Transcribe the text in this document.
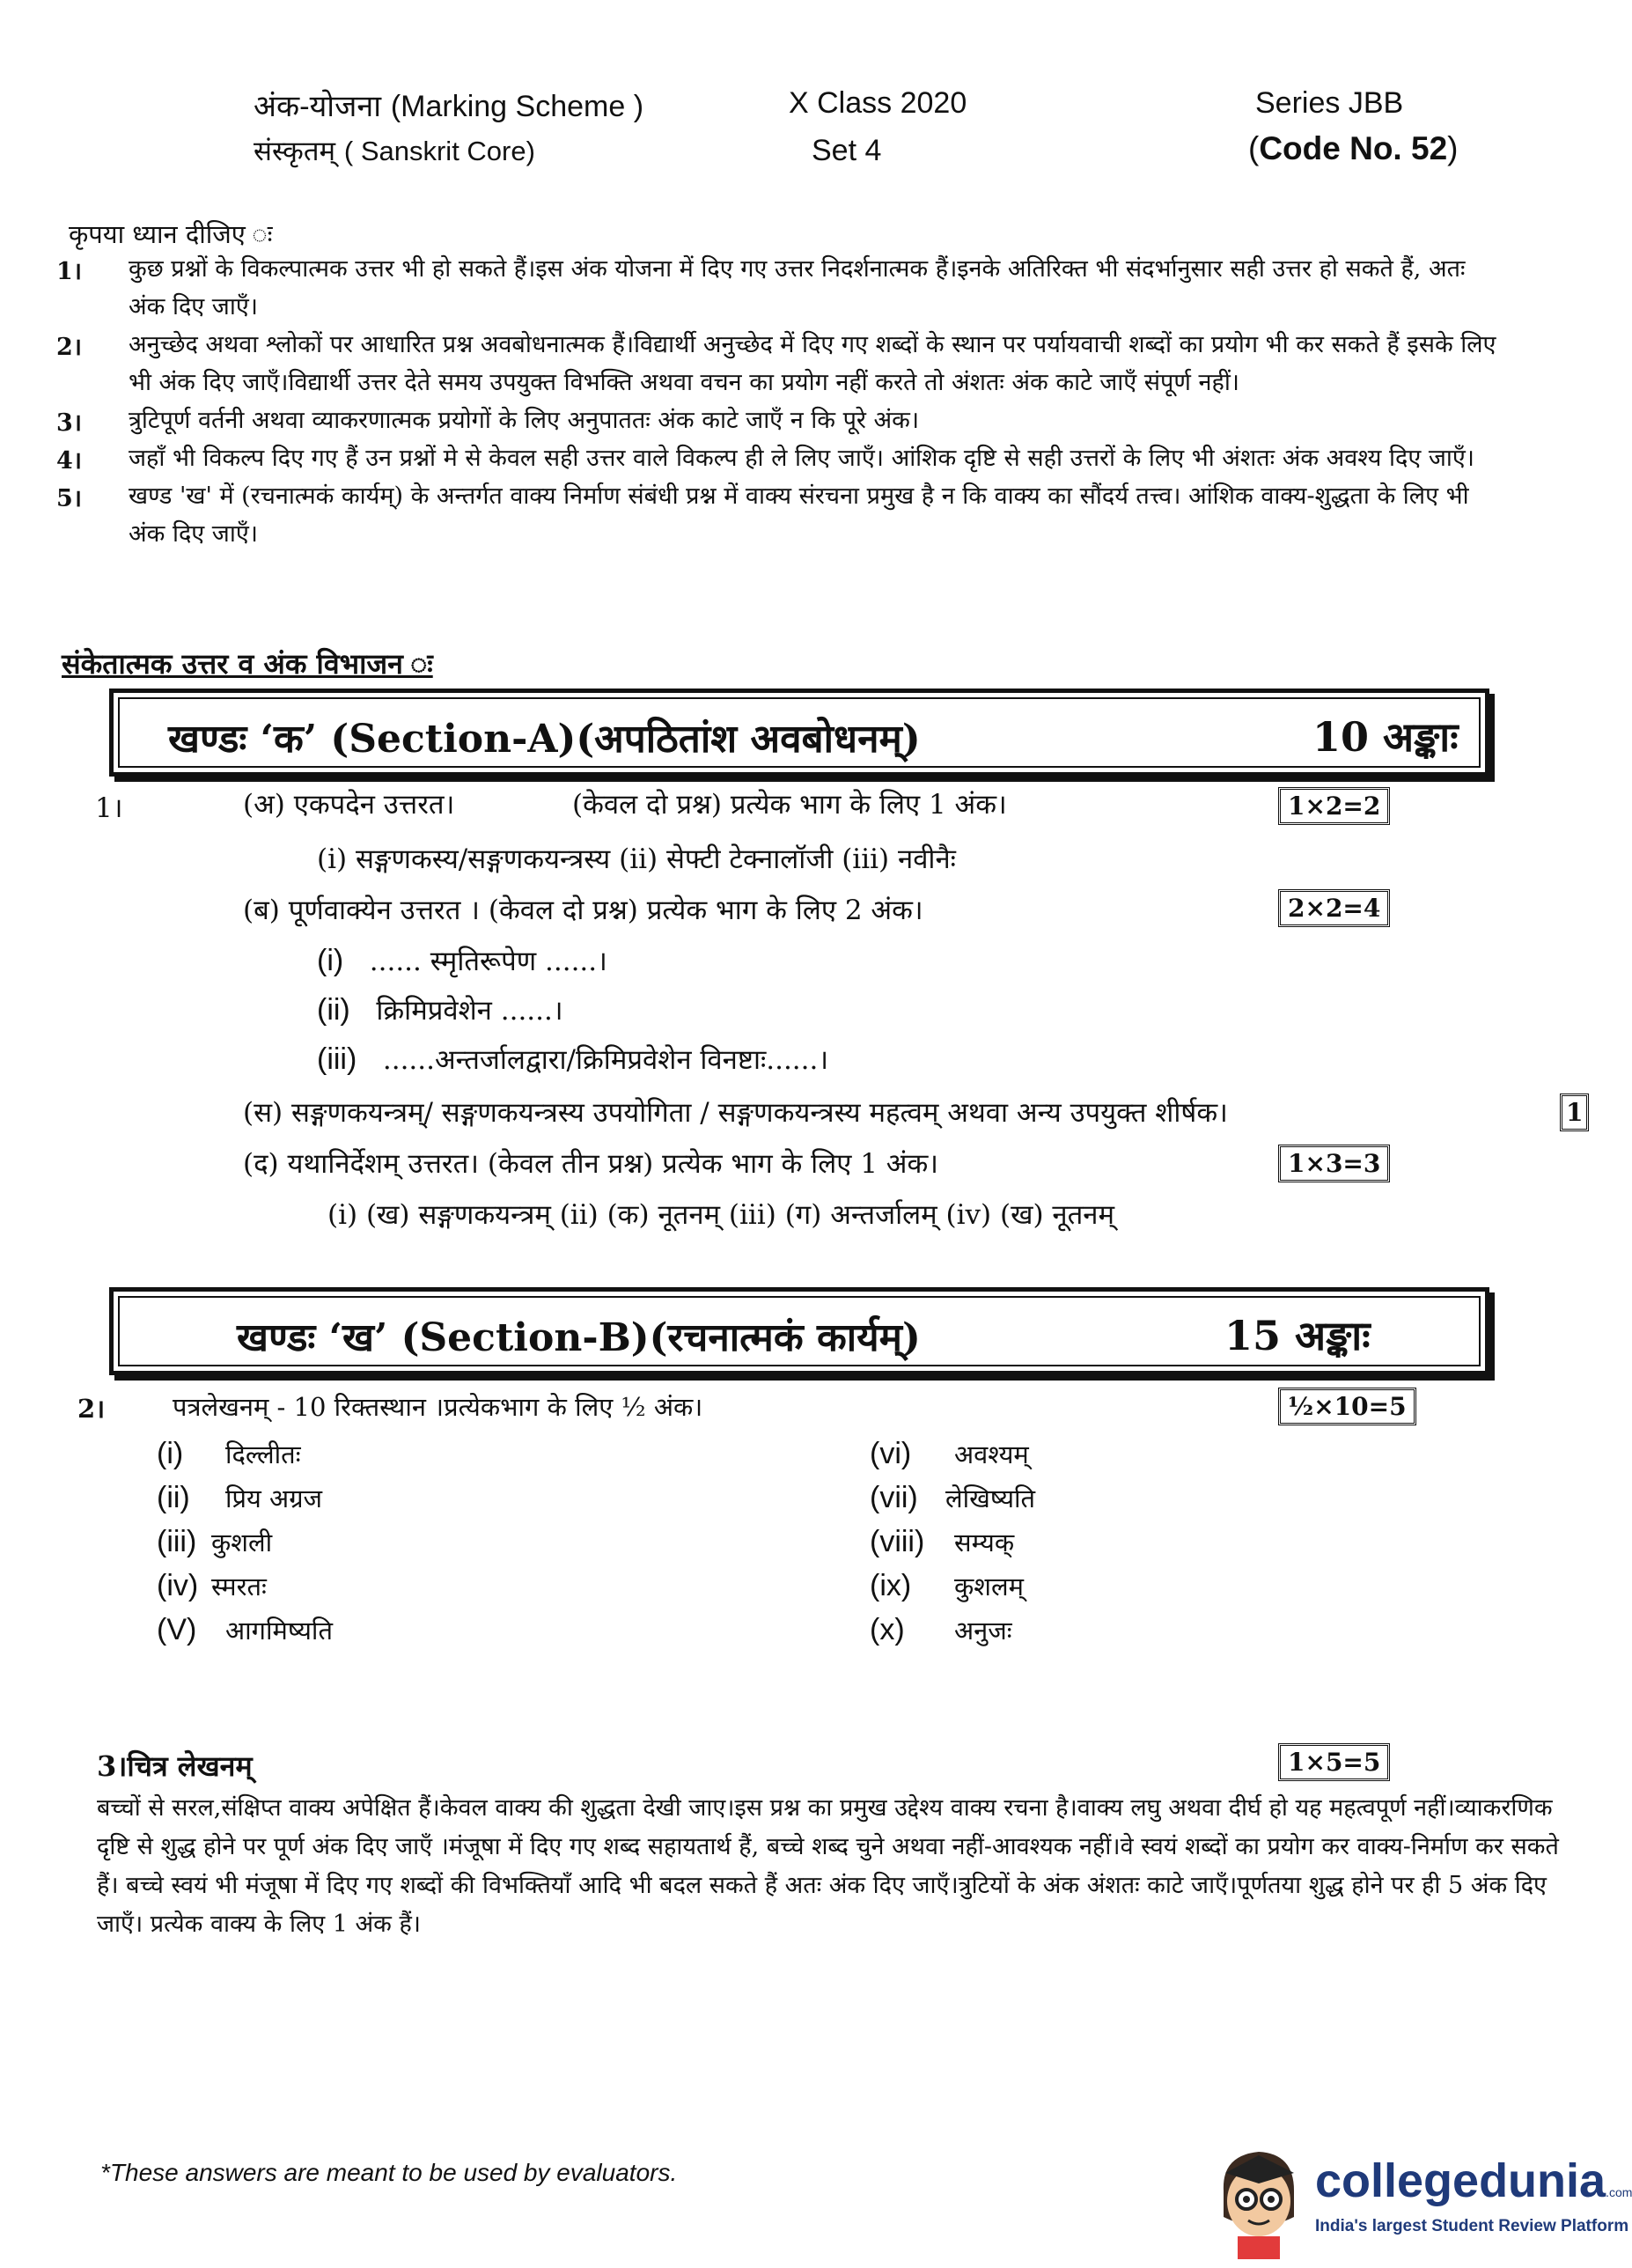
अंक-योजना (Marking Scheme )	X Class 2020	Series JBB
संस्कृतम् ( Sanskrit Core)	Set 4	(Code No. 52)
कृपया ध्यान दीजिए ः
1। कुछ प्रश्नों के विकल्पात्मक उत्तर भी हो सकते हैं।इस अंक योजना में दिए गए उत्तर निदर्शनात्मक हैं।इनके अतिरिक्त भी संदर्भानुसार सही उत्तर हो सकते हैं, अतः अंक दिए जाएँ।
2। अनुच्छेद अथवा श्लोकों पर आधारित प्रश्न अवबोधनात्मक हैं।विद्यार्थी अनुच्छेद में दिए गए शब्दों के स्थान पर पर्यायवाची शब्दों का प्रयोग भी कर सकते हैं इसके लिए भी अंक दिए जाएँ।विद्यार्थी उत्तर देते समय उपयुक्त विभक्ति अथवा वचन का प्रयोग नहीं करते तो अंशतः अंक काटे जाएँ संपूर्ण नहीं।
3। त्रुटिपूर्ण वर्तनी अथवा व्याकरणात्मक प्रयोगों के लिए अनुपाततः अंक काटे जाएँ न कि पूरे अंक।
4। जहाँ भी विकल्प दिए गए हैं उन प्रश्नों मे से केवल सही उत्तर वाले विकल्प ही ले लिए जाएँ। आंशिक दृष्टि से सही उत्तरों के लिए भी अंशतः अंक अवश्य दिए जाएँ।
5। खण्ड 'ख' में (रचनात्मकं कार्यम्) के अन्तर्गत वाक्य निर्माण संबंधी प्रश्न में वाक्य संरचना प्रमुख है न कि वाक्य का सौंदर्य तत्त्व। आंशिक वाक्य-शुद्धता के लिए भी अंक दिए जाएँ।
संकेतात्मक उत्तर व अंक विभाजन ः
खण्डः ‘क’ (Section-A)(अपठितांश अवबोधनम्)	10 अङ्काः
1।	(अ) एकपदेन उत्तरत।	(केवल दो प्रश्न) प्रत्येक भाग के लिए 1 अंक।	1×2=2
(i) सङ्गणकस्य/सङ्गणकयन्त्रस्य (ii) सेफ्टी टेक्नालॉजी (iii) नवीनैः
(ब) पूर्णवाक्येन उत्तरत । (केवल दो प्रश्न) प्रत्येक भाग के लिए 2 अंक।	2×2=4
(i) ...... स्मृतिरूपेण ......।
(ii) क्रिमिप्रवेशेन ......।
(iii) ......अन्तर्जालद्वारा/क्रिमिप्रवेशेन विनष्टाः......।
(स) सङ्गणकयन्त्रम्/ सङ्गणकयन्त्रस्य उपयोगिता / सङ्गणकयन्त्रस्य महत्वम् अथवा अन्य उपयुक्त शीर्षक।	1
(द) यथानिर्देशम् उत्तरत। (केवल तीन प्रश्न) प्रत्येक भाग के लिए 1 अंक।	1×3=3
(i) (ख) सङ्गणकयन्त्रम् (ii) (क) नूतनम् (iii) (ग) अन्तर्जालम् (iv) (ख) नूतनम्
खण्डः ‘ख’ (Section-B)(रचनात्मकं कार्यम्)	15 अङ्काः
2।	पत्रलेखनम् - 10 रिक्तस्थान ।प्रत्येकभाग के लिए ½ अंक।	½×10=5
(i) दिल्लीतः
(ii) प्रिय अग्रज
(iii) कुशली
(iv) स्मरतः
(V) आगमिष्यति
(vi) अवश्यम्
(vii) लेखिष्यति
(viii) सम्यक्
(ix) कुशलम्
(x) अनुजः
3।चित्र लेखनम्	1×5=5
बच्चों से सरल,संक्षिप्त वाक्य अपेक्षित हैं।केवल वाक्य की शुद्धता देखी जाए।इस प्रश्न का प्रमुख उद्देश्य वाक्य रचना है।वाक्य लघु अथवा दीर्घ हो यह महत्वपूर्ण नहीं।व्याकरणिक दृष्टि से शुद्ध होने पर पूर्ण अंक दिए जाएँ ।मंजूषा में दिए गए शब्द सहायतार्थ हैं, बच्चे शब्द चुने अथवा नहीं-आवश्यक नहीं।वे स्वयं शब्दों का प्रयोग कर वाक्य-निर्माण कर सकते हैं। बच्चे स्वयं भी मंजूषा में दिए गए शब्दों की विभक्तियाँ आदि भी बदल सकते हैं अतः अंक दिए जाएँ।त्रुटियों के अंक अंशतः काटे जाएँ।पूर्णतया शुद्ध होने पर ही 5 अंक दिए जाएँ। प्रत्येक वाक्य के लिए 1 अंक हैं।
*These answers are meant to be used by evaluators.	collegedunia.com
India's largest Student Review Platform
